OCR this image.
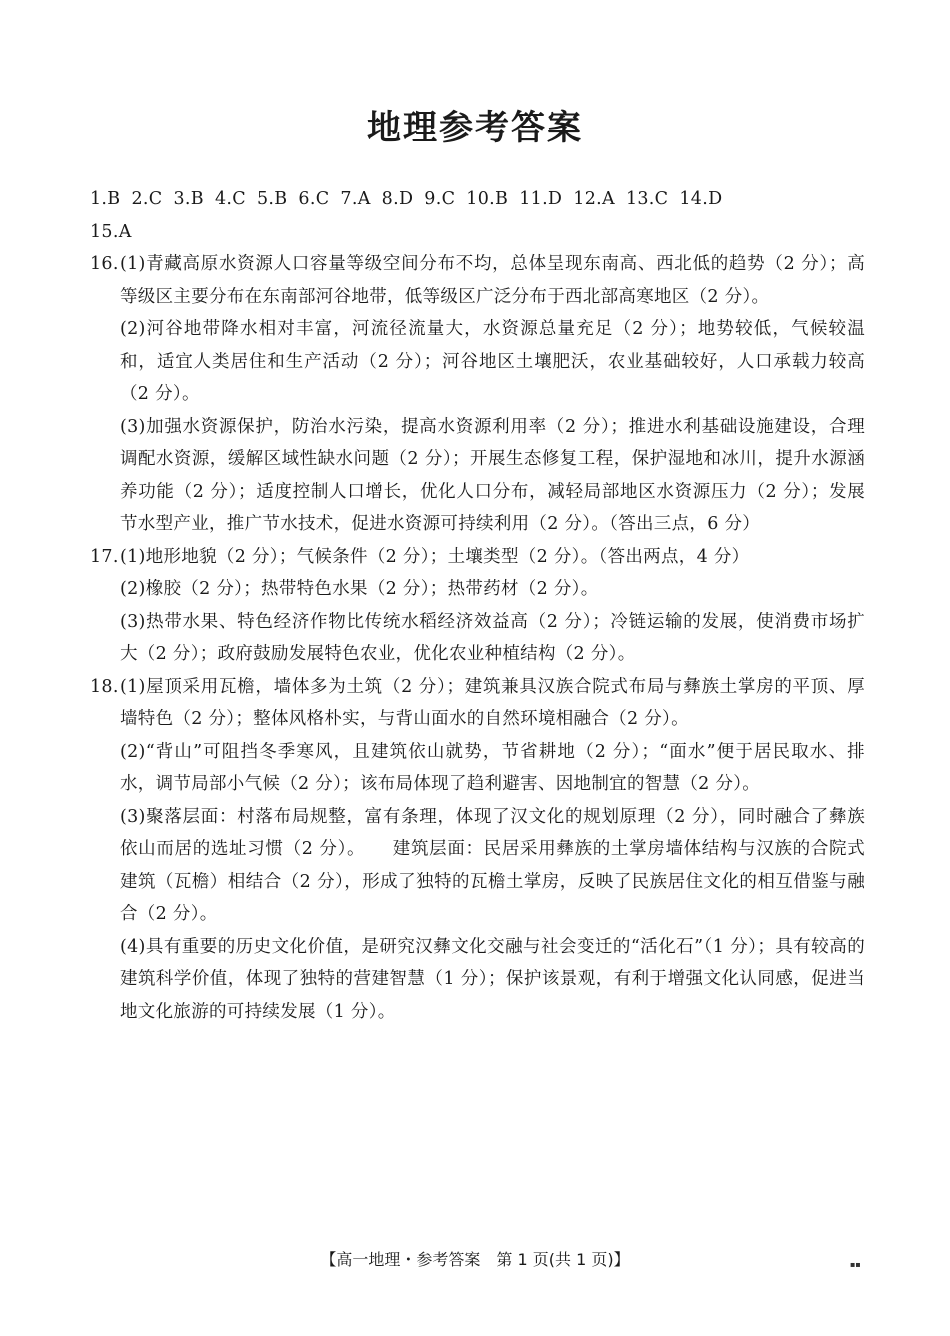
地理参考答案
1.B 2.C 3.B 4.C 5.B 6.C 7.A 8.D 9.C 10.B 11.D 12.A 13.C 14.D
15.A
16. (1)青藏高原水资源人口容量等级空间分布不均，总体呈现东南高、西北低的趋势（2 分）；高等级区主要分布在东南部河谷地带，低等级区广泛分布于西北部高寒地区（2 分）。
(2)河谷地带降水相对丰富，河流径流量大，水资源总量充足（2 分）；地势较低，气候较温和，适宜人类居住和生产活动（2 分）；河谷地区土壤肥沃，农业基础较好，人口承载力较高（2 分）。
(3)加强水资源保护，防治水污染，提高水资源利用率（2 分）；推进水利基础设施建设，合理调配水资源，缓解区域性缺水问题（2 分）；开展生态修复工程，保护湿地和冰川，提升水源涵养功能（2 分）；适度控制人口增长，优化人口分布，减轻局部地区水资源压力（2 分）；发展节水型产业，推广节水技术，促进水资源可持续利用（2 分）。（答出三点，6 分）
17. (1)地形地貌（2 分）；气候条件（2 分）；土壤类型（2 分）。（答出两点，4 分）
(2)橡胶（2 分）；热带特色水果（2 分）；热带药材（2 分）。
(3)热带水果、特色经济作物比传统水稻经济效益高（2 分）；冷链运输的发展，使消费市场扩大（2 分）；政府鼓励发展特色农业，优化农业种植结构（2 分）。
18. (1)屋顶采用瓦檐，墙体多为土筑（2 分）；建筑兼具汉族合院式布局与彝族土掌房的平顶、厚墙特色（2 分）；整体风格朴实，与背山面水的自然环境相融合（2 分）。
(2)“背山”可阻挡冬季寒风，且建筑依山就势，节省耕地（2 分）；“面水”便于居民取水、排水，调节局部小气候（2 分）；该布局体现了趋利避害、因地制宜的智慧（2 分）。
(3)聚落层面：村落布局规整，富有条理，体现了汉文化的规划原理（2 分），同时融合了彝族依山而居的选址习惯（2 分）。　　建筑层面：民居采用彝族的土掌房墙体结构与汉族的合院式建筑（瓦檐）相结合（2 分），形成了独特的瓦檐土掌房，反映了民族居住文化的相互借鉴与融合（2 分）。
(4)具有重要的历史文化价值，是研究汉彝文化交融与社会变迁的“活化石”（1 分）；具有较高的建筑科学价值，体现了独特的营建智慧（1 分）；保护该景观，有利于增强文化认同感，促进当地文化旅游的可持续发展（1 分）。
【高一地理・参考答案　第 1 页(共 1 页)】	▪▪
